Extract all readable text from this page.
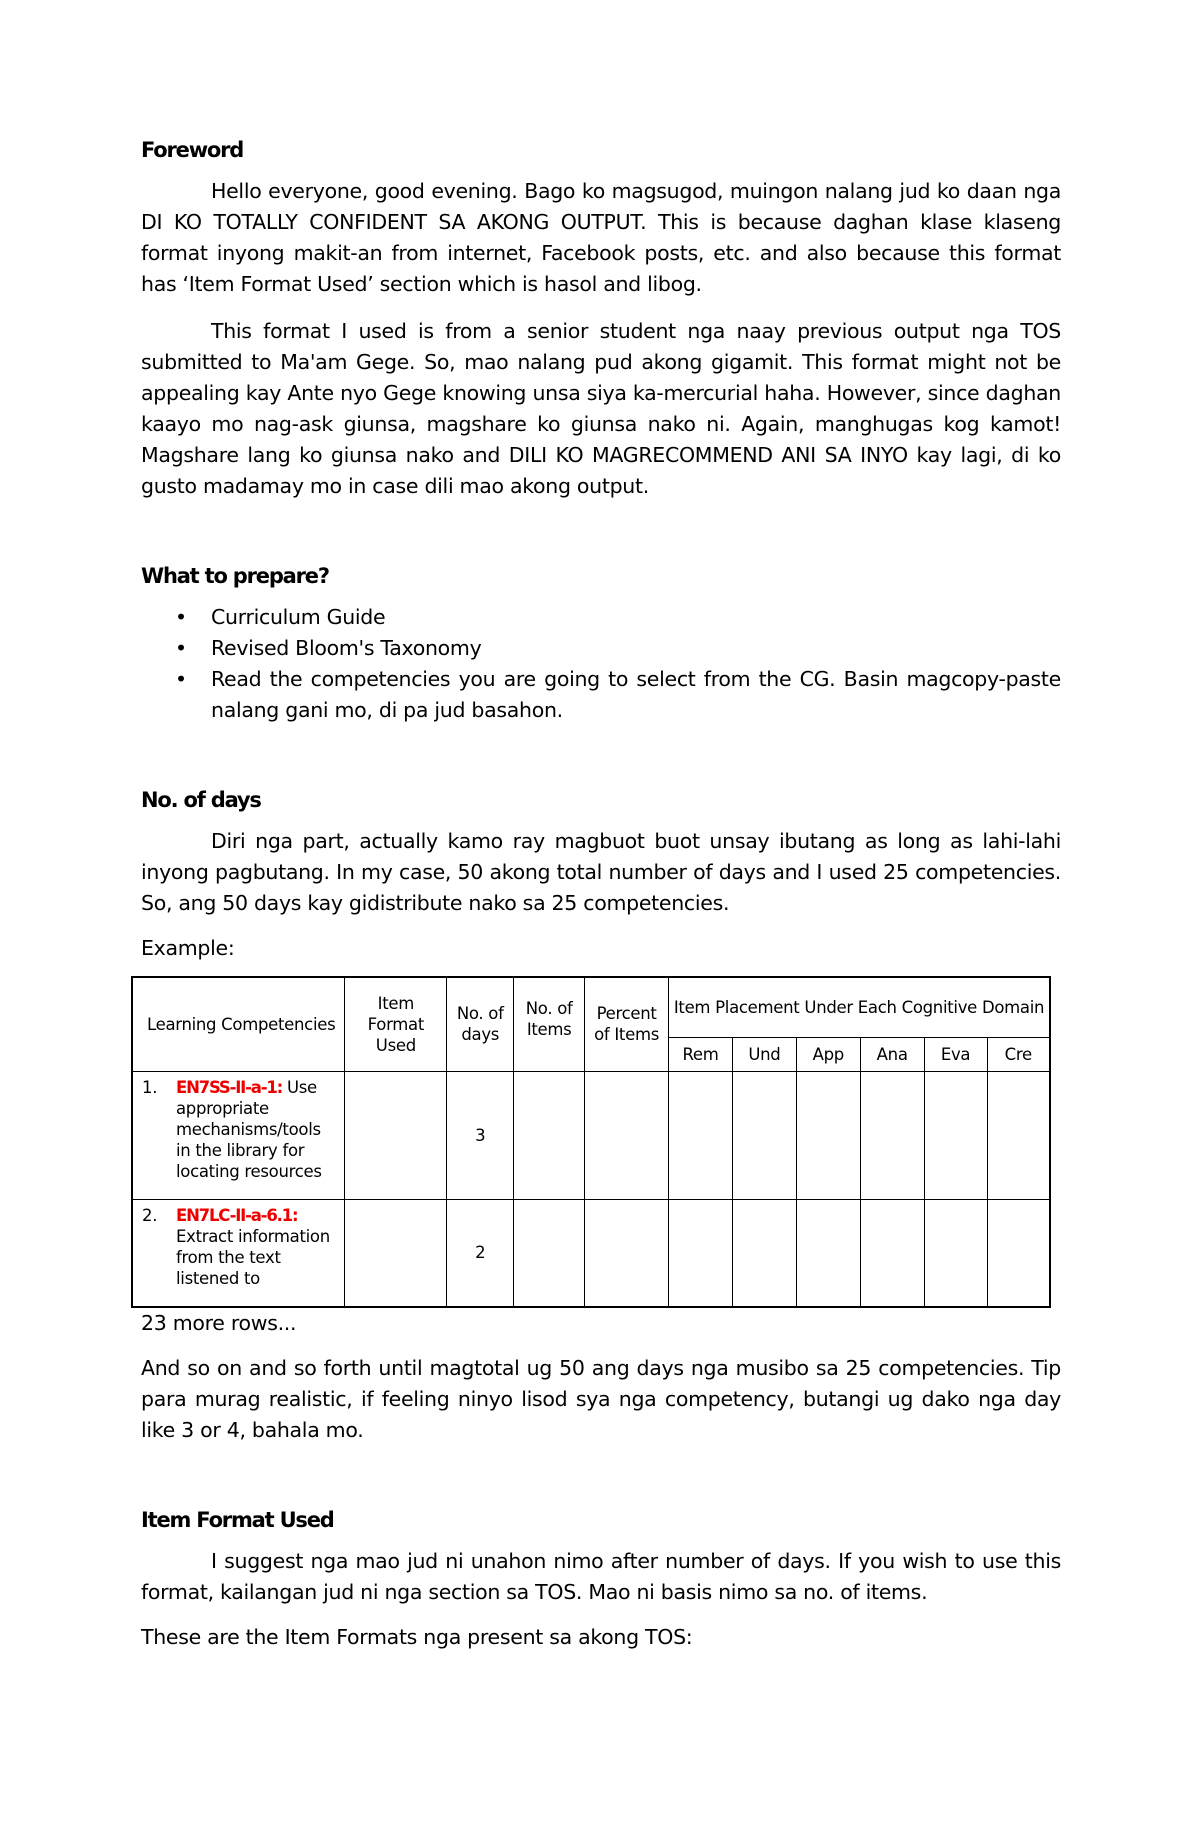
Foreword

Hello everyone, good evening. Bago ko magsugod, muingon nalang jud ko daan nga DI KO TOTALLY CONFIDENT SA AKONG OUTPUT. This is because daghan klase klaseng format inyong makit-an from internet, Facebook posts, etc. and also because this format has ‘Item Format Used’ section which is hasol and libog.

This format I used is from a senior student nga naay previous output nga TOS submitted to Ma'am Gege. So, mao nalang pud akong gigamit. This format might not be appealing kay Ante nyo Gege knowing unsa siya ka-mercurial haha. However, since daghan kaayo mo nag-ask giunsa, magshare ko giunsa nako ni. Again, manghugas kog kamot! Magshare lang ko giunsa nako and DILI KO MAGRECOMMEND ANI SA INYO kay lagi, di ko gusto madamay mo in case dili mao akong output.

What to prepare?
• Curriculum Guide
• Revised Bloom's Taxonomy
• Read the competencies you are going to select from the CG. Basin magcopy-paste nalang gani mo, di pa jud basahon.
No. of days

Diri nga part, actually kamo ray magbuot buot unsay ibutang as long as lahi-lahi inyong pagbutang. In my case, 50 akong total number of days and I used 25 competencies. So, ang 50 days kay gidistribute nako sa 25 competencies.

Example:

Learning Competencies	Item Format Used	No. of days	No. of Items	Percent of Items	Item Placement Under Each Cognitive Domain					
					Rem	Und	App	Ana	Eva	Cre

1. EN7SS-II-a-1: Use appropriate mechanisms/tools in the library for locating resources		3								

2. EN7LC-II-a-6.1:
Extract information from the text listened to		2								

23 more rows...

And so on and so forth until magtotal ug 50 ang days nga musibo sa 25 competencies. Tip para murag realistic, if feeling ninyo lisod sya nga competency, butangi ug dako nga day like 3 or 4, bahala mo.

Item Format Used

I suggest nga mao jud ni unahon nimo after number of days. If you wish to use this format, kailangan jud ni nga section sa TOS. Mao ni basis nimo sa no. of items.

These are the Item Formats nga present sa akong TOS:
